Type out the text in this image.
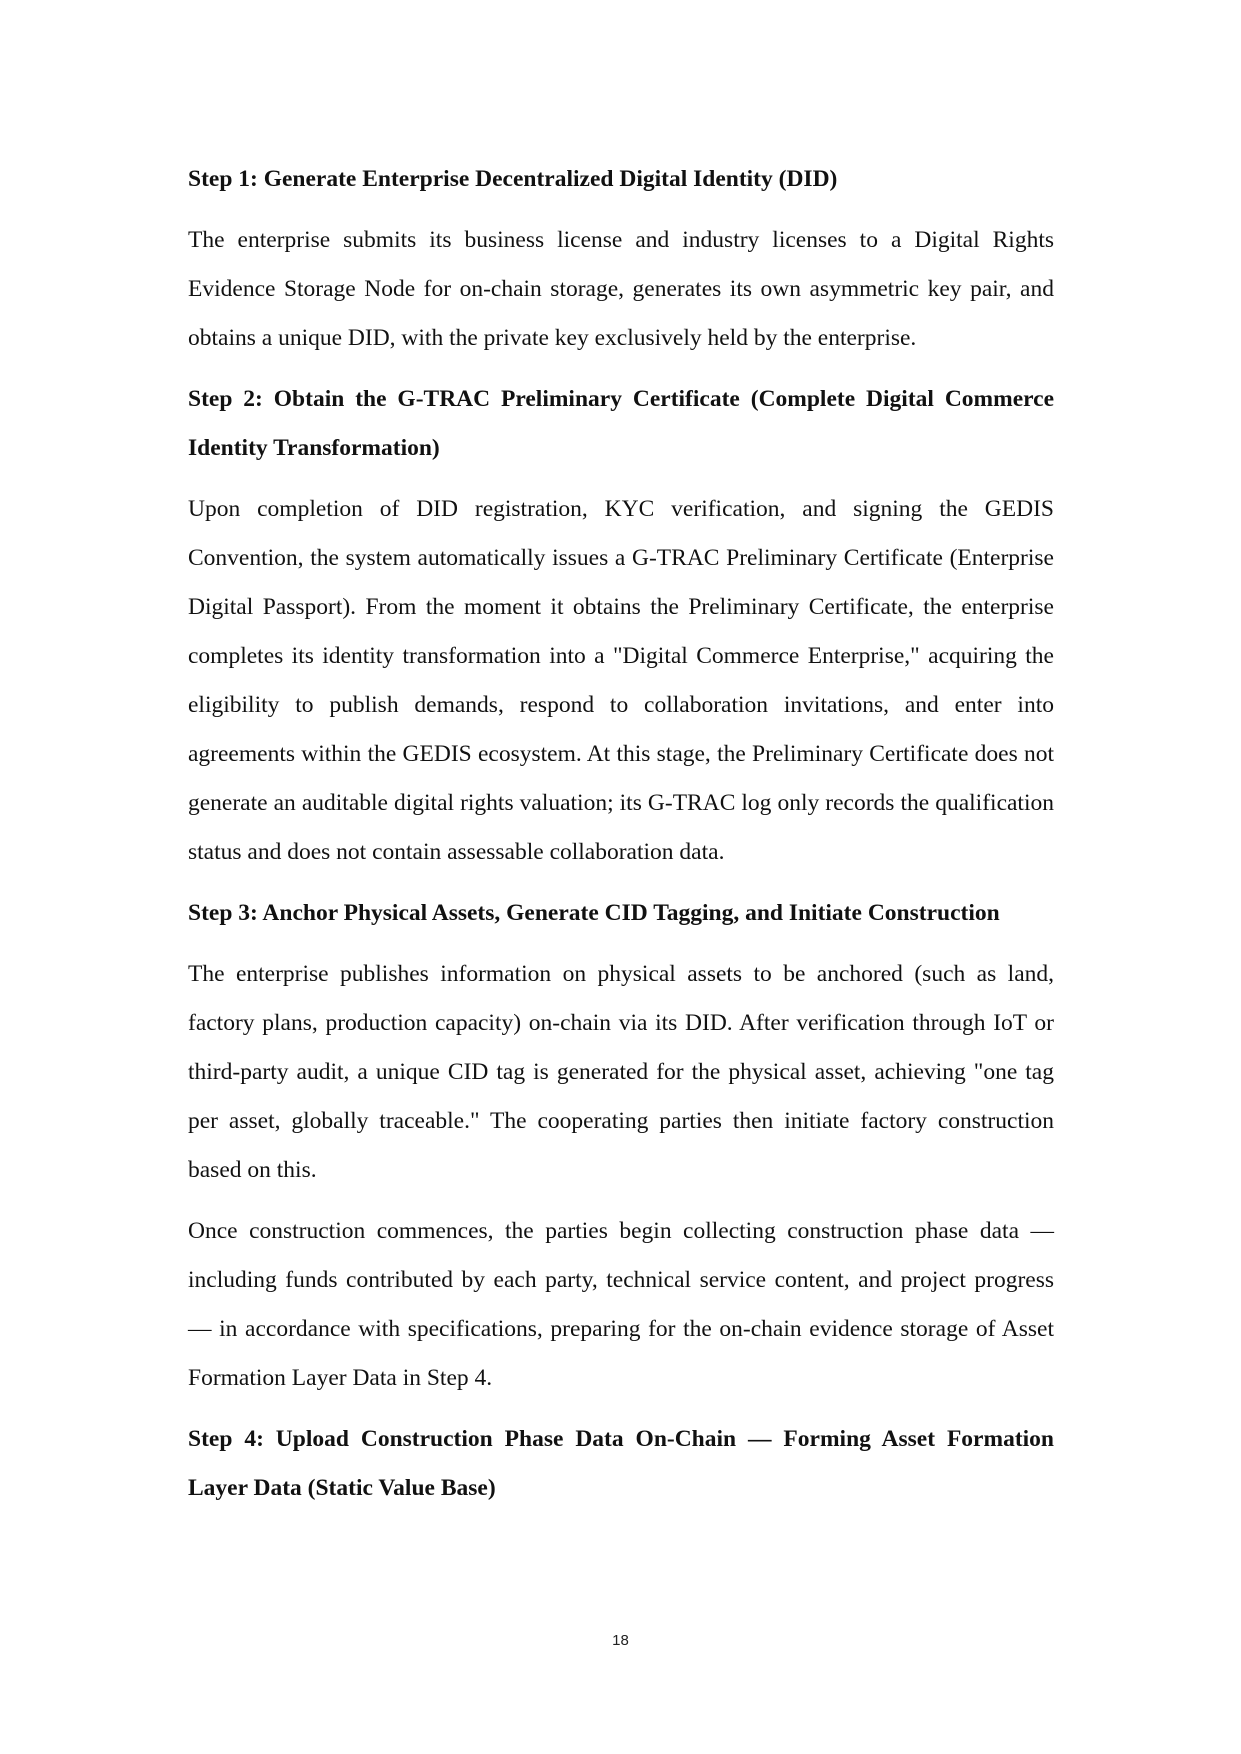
Step 1: Generate Enterprise Decentralized Digital Identity (DID)
The enterprise submits its business license and industry licenses to a Digital Rights Evidence Storage Node for on-chain storage, generates its own asymmetric key pair, and obtains a unique DID, with the private key exclusively held by the enterprise.
Step 2: Obtain the G-TRAC Preliminary Certificate (Complete Digital Commerce Identity Transformation)
Upon completion of DID registration, KYC verification, and signing the GEDIS Convention, the system automatically issues a G-TRAC Preliminary Certificate (Enterprise Digital Passport). From the moment it obtains the Preliminary Certificate, the enterprise completes its identity transformation into a "Digital Commerce Enterprise," acquiring the eligibility to publish demands, respond to collaboration invitations, and enter into agreements within the GEDIS ecosystem. At this stage, the Preliminary Certificate does not generate an auditable digital rights valuation; its G-TRAC log only records the qualification status and does not contain assessable collaboration data.
Step 3: Anchor Physical Assets, Generate CID Tagging, and Initiate Construction
The enterprise publishes information on physical assets to be anchored (such as land, factory plans, production capacity) on-chain via its DID. After verification through IoT or third-party audit, a unique CID tag is generated for the physical asset, achieving "one tag per asset, globally traceable." The cooperating parties then initiate factory construction based on this.
Once construction commences, the parties begin collecting construction phase data — including funds contributed by each party, technical service content, and project progress — in accordance with specifications, preparing for the on-chain evidence storage of Asset Formation Layer Data in Step 4.
Step 4: Upload Construction Phase Data On-Chain — Forming Asset Formation Layer Data (Static Value Base)
18
